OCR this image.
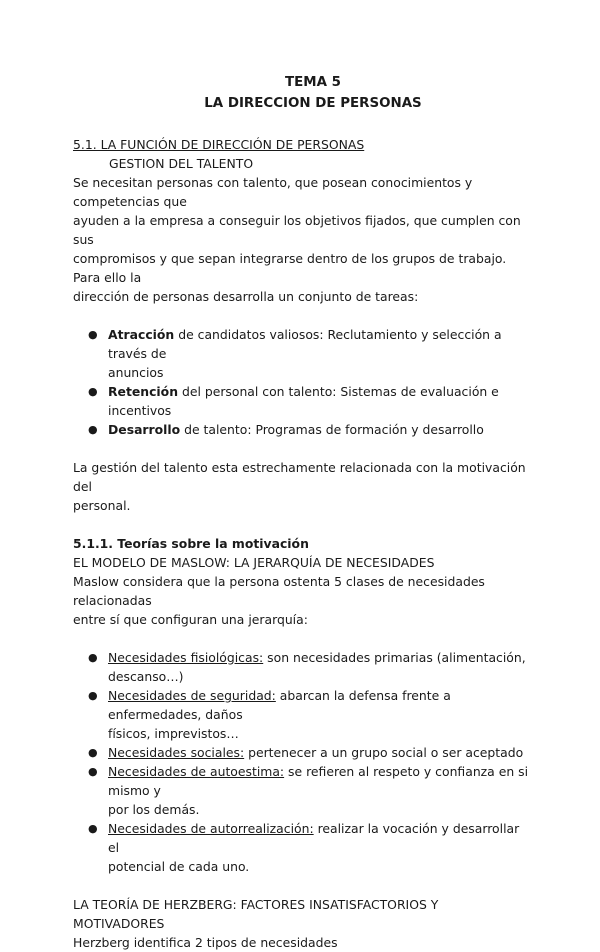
TEMA 5
LA DIRECCION DE PERSONAS

5.1. LA FUNCIÓN DE DIRECCIÓN DE PERSONAS

GESTION DEL TALENTO

Se necesitan personas con talento, que posean conocimientos y competencias que
ayuden a la empresa a conseguir los objetivos fijados, que cumplen con sus
compromisos y que sepan integrarse dentro de los grupos de trabajo. Para ello la
dirección de personas desarrolla un conjunto de tareas:
● Atracción de candidatos valiosos: Reclutamiento y selección a través de
anuncios
● Retención del personal con talento: Sistemas de evaluación e incentivos
● Desarrollo de talento: Programas de formación y desarrollo
La gestión del talento esta estrechamente relacionada con la motivación del
personal.

5.1.1. Teorías sobre la motivación

EL MODELO DE MASLOW: LA JERARQUÍA DE NECESIDADES

Maslow considera que la persona ostenta 5 clases de necesidades relacionadas
entre sí que configuran una jerarquía:
● Necesidades fisiológicas: son necesidades primarias (alimentación,
descanso…)
● Necesidades de seguridad: abarcan la defensa frente a enfermedades, daños
físicos, imprevistos…
● Necesidades sociales: pertenecer a un grupo social o ser aceptado
● Necesidades de autoestima: se refieren al respeto y confianza en si mismo y
por los demás.
● Necesidades de autorrealización: realizar la vocación y desarrollar el
potencial de cada uno.

LA TEORÍA DE HERZBERG: FACTORES INSATISFACTORIOS Y MOTIVADORES

Herzberg identifica 2 tipos de necesidades
